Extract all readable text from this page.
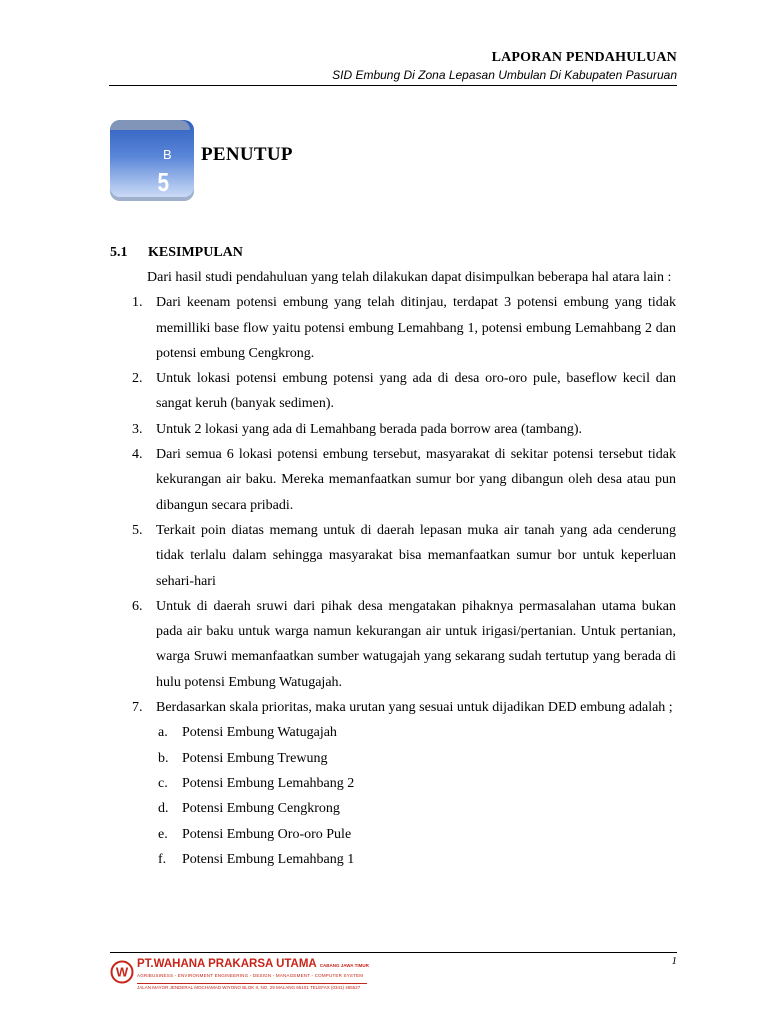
LAPORAN PENDAHULUAN
SID Embung Di Zona Lepasan Umbulan Di Kabupaten Pasuruan
B
5
PENUTUP
5.1 KESIMPULAN

Dari hasil studi pendahuluan yang telah dilakukan dapat disimpulkan beberapa hal atara lain :

1. Dari keenam potensi embung yang telah ditinjau, terdapat 3 potensi embung yang tidak memilliki base flow yaitu potensi embung Lemahbang 1, potensi embung Lemahbang 2 dan potensi embung Cengkrong.
2. Untuk lokasi potensi embung potensi yang ada di desa oro-oro pule, baseflow kecil dan sangat keruh (banyak sedimen).
3. Untuk 2 lokasi yang ada di Lemahbang berada pada borrow area (tambang).
4. Dari semua 6 lokasi potensi embung tersebut, masyarakat di sekitar potensi tersebut tidak kekurangan air baku. Mereka memanfaatkan sumur bor yang dibangun oleh desa atau pun dibangun secara pribadi.
5. Terkait poin diatas memang untuk di daerah lepasan muka air tanah yang ada cenderung tidak terlalu dalam sehingga masyarakat bisa memanfaatkan sumur bor untuk keperluan sehari-hari
6. Untuk di daerah sruwi dari pihak desa mengatakan pihaknya permasalahan utama bukan pada air baku untuk warga namun kekurangan air untuk irigasi/pertanian. Untuk pertanian, warga Sruwi memanfaatkan sumber watugajah yang sekarang sudah tertutup yang berada di hulu potensi Embung Watugajah.
7. Berdasarkan skala prioritas, maka urutan yang sesuai untuk dijadikan DED embung adalah ;
a. Potensi Embung Watugajah
b. Potensi Embung Trewung
c. Potensi Embung Lemahbang 2
d. Potensi Embung Cengkrong
e. Potensi Embung Oro-oro Pule
f. Potensi Embung Lemahbang 1
1
W
PT.WAHANA PRAKARSA UTAMA CABANG JAWA TIMUR
AGRIBUSINESS - ENVIRONMENT ENGINEERING - DESIGN - MANAGEMENT - COMPUTER SYSTEM
JALAN MAYOR JENDERAL MOCHAMAD WIYONO BLOK II, NO. 29 MALANG 65101 TELEFAX (0341) 485527
